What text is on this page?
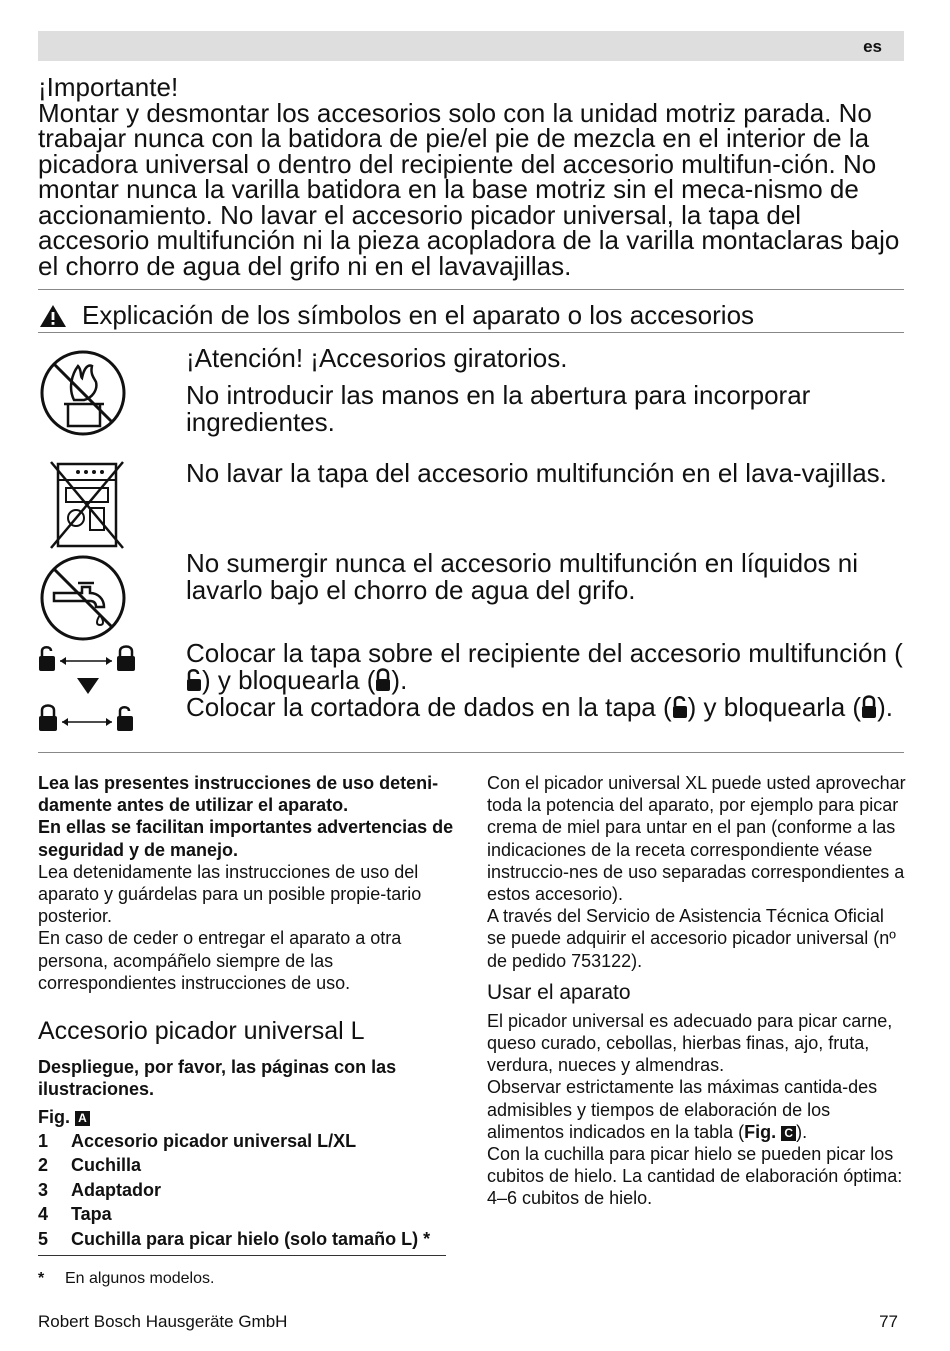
es
¡Importante!
Montar y desmontar los accesorios solo con la unidad motriz parada. No trabajar nunca con la batidora de pie/el pie de mezcla en el interior de la picadora universal o dentro del recipiente del accesorio multifun-ción. No montar nunca la varilla batidora en la base motriz sin el meca-nismo de accionamiento. No lavar el accesorio picador universal, la tapa del accesorio multifunción ni la pieza acopladora de la varilla montaclaras bajo el chorro de agua del grifo ni en el lavavajillas.
Explicación de los símbolos en el aparato o los accesorios

¡Atención! ¡Accesorios giratorios.

No introducir las manos en la abertura para incorporar ingredientes.

No lavar la tapa del accesorio multifunción en el lava-vajillas.

No sumergir nunca el accesorio multifunción en líquidos ni lavarlo bajo el chorro de agua del grifo.

Colocar la tapa sobre el recipiente del accesorio multifunción () y bloquearla ( ).
Colocar la cortadora de dados en la tapa ( ) y bloquearla ( ).

Lea las presentes instrucciones de uso deteni-damente antes de utilizar el aparato.

En ellas se facilitan importantes advertencias de seguridad y de manejo.

Lea detenidamente las instrucciones de uso del aparato y guárdelas para un posible propie-tario posterior.

En caso de ceder o entregar el aparato a otra persona, acompáñelo siempre de las correspondientes instrucciones de uso.

Accesorio picador universal L

Despliegue, por favor, las páginas con las ilustraciones.

Fig. A

1	Accesorio picador universal L/XL
2	Cuchilla
3	Adaptador
4	Tapa
5	Cuchilla para picar hielo (solo tamaño L) *
*	En algunos modelos.

Con el picador universal XL puede usted aprovechar toda la potencia del aparato, por ejemplo para picar crema de miel para untar en el pan (conforme a las indicaciones de la receta correspondiente véase instruccio-nes de uso separadas correspondientes a estos accesorio).

A través del Servicio de Asistencia Técnica Oficial se puede adquirir el accesorio picador universal (nº de pedido 753122).

Usar el aparato

El picador universal es adecuado para picar carne, queso curado, cebollas, hierbas finas, ajo, fruta, verdura, nueces y almendras.

Observar estrictamente las máximas cantida-des admisibles y tiempos de elaboración de los alimentos indicados en la tabla (Fig. C ).

Con la cuchilla para picar hielo se pueden picar los cubitos de hielo. La cantidad de elaboración óptima: 4–6 cubitos de hielo.

Robert Bosch Hausgeräte GmbH	77
